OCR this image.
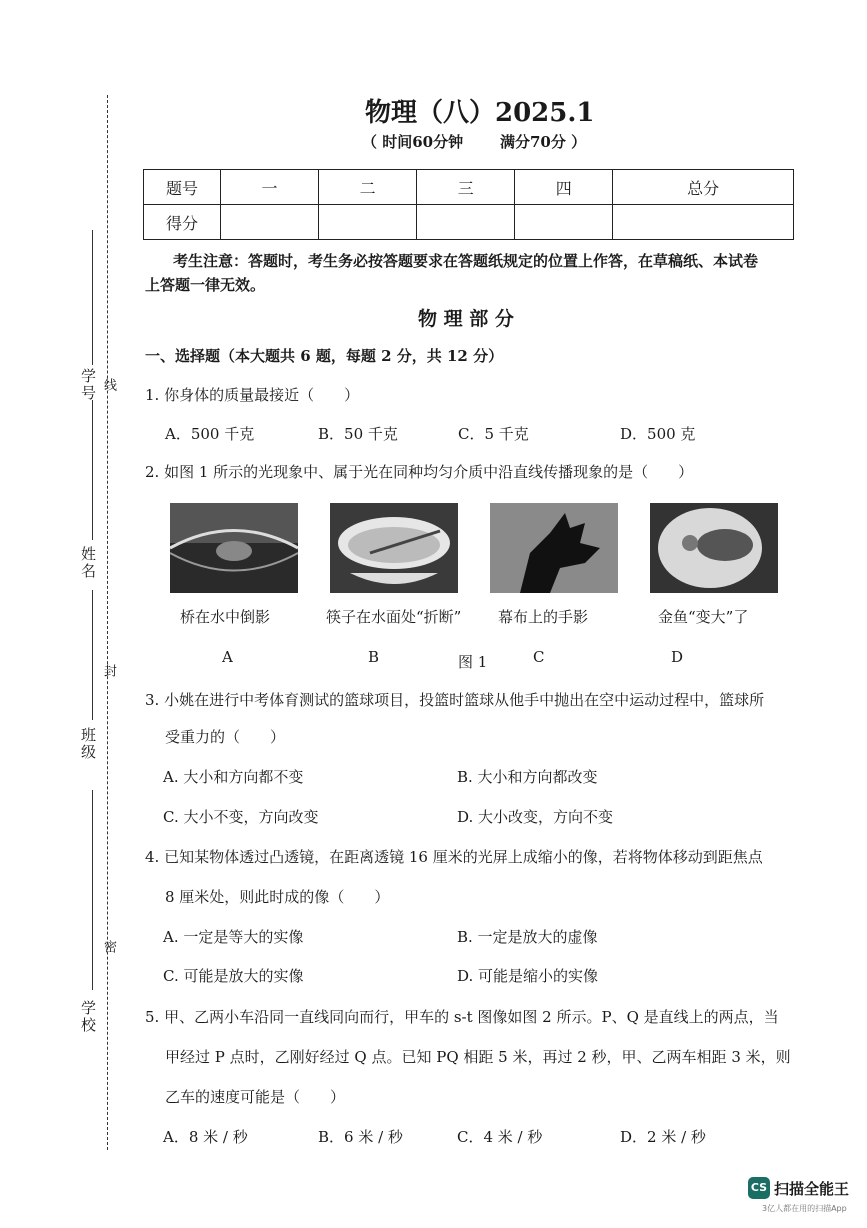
学号 线
姓名
封
班级
密
学校
物理（八）2025.1
（ 时间60分钟 满分70分 ）
题号	一	二	三	四	总分
得分					
考生注意：答题时，考生务必按答题要求在答题纸规定的位置上作答，在草稿纸、本试卷
上答题一律无效。
物 理 部 分
一、选择题（本大题共 6 题，每题 2 分，共 12 分）
1. 你身体的质量最接近（　　）
A．500 千克	B．50 千克	C．5 千克	D．500 克
2. 如图 1 所示的光现象中、属于光在同种均匀介质中沿直线传播现象的是（　　）
桥在水中倒影	筷子在水面处“折断” 幕布上的手影	金鱼“变大”了
A	B	图 1	C	D
3. 小姚在进行中考体育测试的篮球项目，投篮时篮球从他手中抛出在空中运动过程中，篮球所
受重力的（　　）
A. 大小和方向都不变	B. 大小和方向都改变
C. 大小不变，方向改变	D. 大小改变，方向不变
4. 已知某物体透过凸透镜，在距离透镜 16 厘米的光屏上成缩小的像，若将物体移动到距焦点
8 厘米处，则此时成的像（　　）
A. 一定是等大的实像	B. 一定是放大的虚像
C. 可能是放大的实像	D. 可能是缩小的实像
5. 甲、乙两小车沿同一直线同向而行，甲车的 s-t 图像如图 2 所示。P、Q 是直线上的两点，当
甲经过 P 点时，乙刚好经过 Q 点。已知 PQ 相距 5 米，再过 2 秒，甲、乙两车相距 3 米，则
乙车的速度可能是（　　）
A．8 米 / 秒	B．6 米 / 秒	C．4 米 / 秒	D．2 米 / 秒
CS 扫描全能王
3亿人都在用的扫描App
